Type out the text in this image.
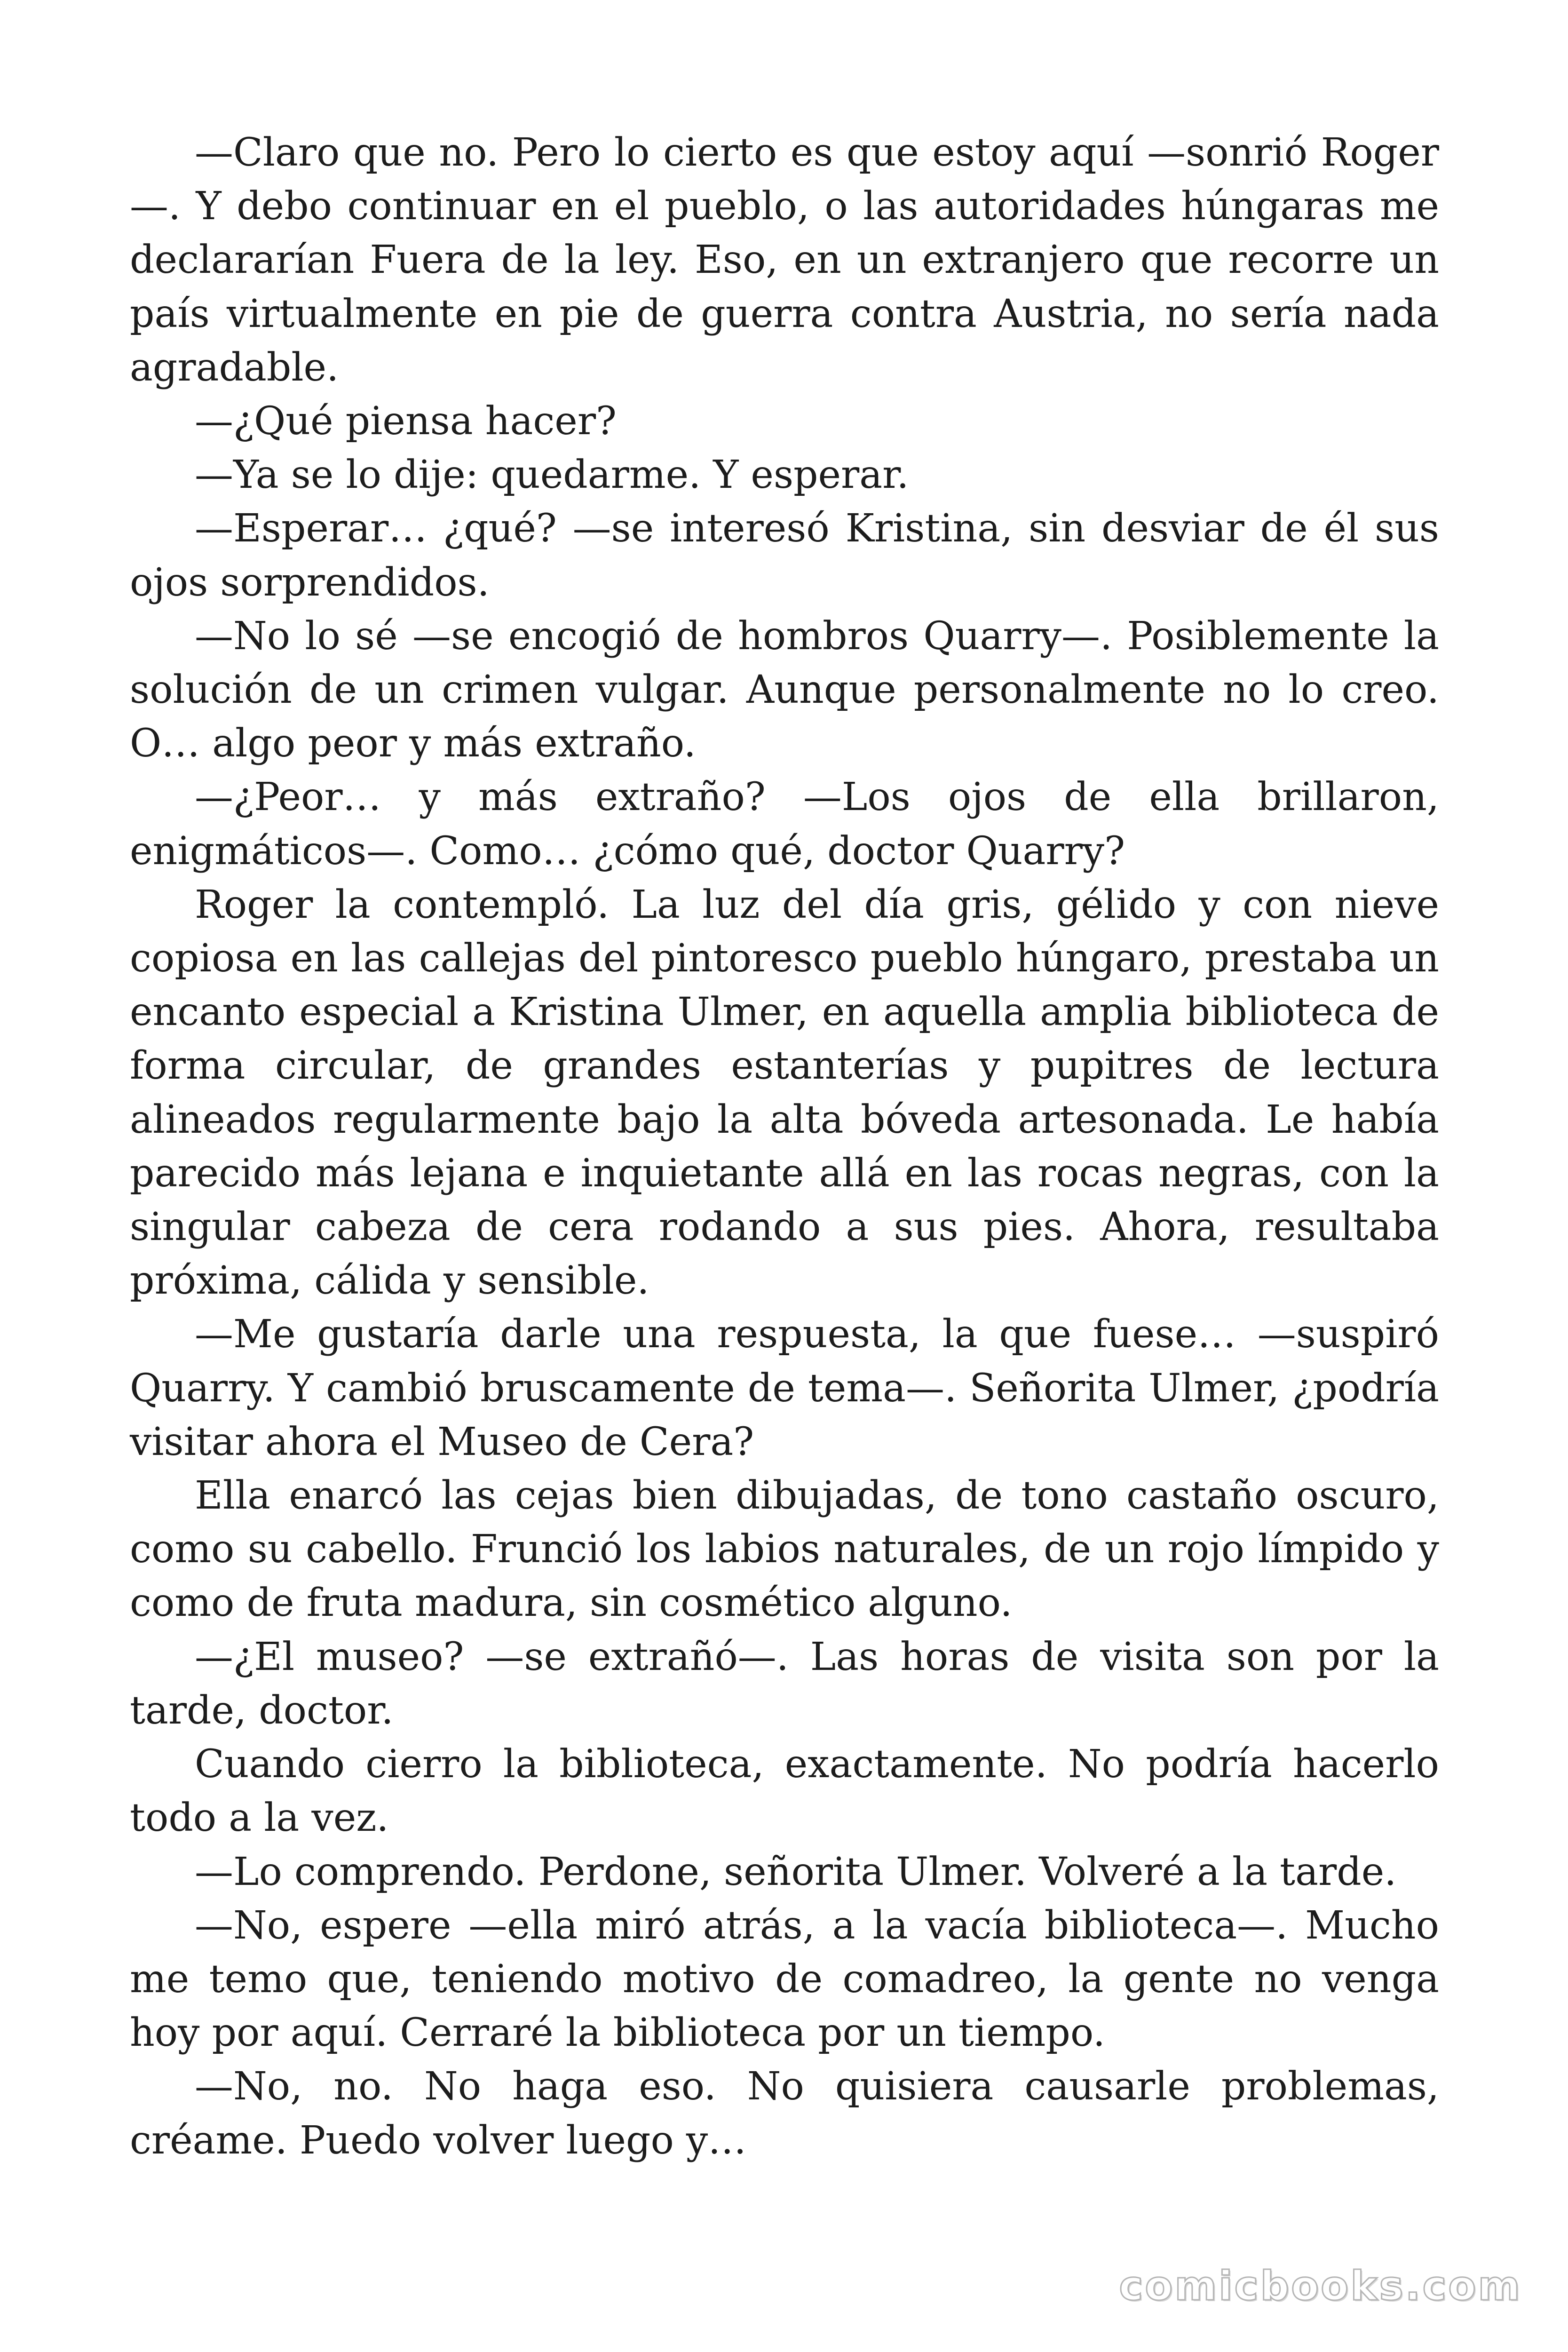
—Claro que no. Pero lo cierto es que estoy aquí —sonrió Roger—. Y debo continuar en el pueblo, o las autoridades húngaras me declararían Fuera de la ley. Eso, en un extranjero que recorre un país virtualmente en pie de guerra contra Austria, no sería nada agradable.

—¿Qué piensa hacer?

—Ya se lo dije: quedarme. Y esperar.

—Esperar… ¿qué? —se interesó Kristina, sin desviar de él sus ojos sorprendidos.

—No lo sé —se encogió de hombros Quarry—. Posiblemente la solución de un crimen vulgar. Aunque personalmente no lo creo. O… algo peor y más extraño.

—¿Peor… y más extraño? —Los ojos de ella brillaron, enigmáticos—. Como… ¿cómo qué, doctor Quarry?

Roger la contempló. La luz del día gris, gélido y con nieve copiosa en las callejas del pintoresco pueblo húngaro, prestaba un encanto especial a Kristina Ulmer, en aquella amplia biblioteca de forma circular, de grandes estanterías y pupitres de lectura alineados regularmente bajo la alta bóveda artesonada. Le había parecido más lejana e inquietante allá en las rocas negras, con la singular cabeza de cera rodando a sus pies. Ahora, resultaba próxima, cálida y sensible.

—Me gustaría darle una respuesta, la que fuese… —suspiró Quarry. Y cambió bruscamente de tema—. Señorita Ulmer, ¿podría visitar ahora el Museo de Cera?

Ella enarcó las cejas bien dibujadas, de tono castaño oscuro, como su cabello. Frunció los labios naturales, de un rojo límpido y como de fruta madura, sin cosmético alguno.

—¿El museo? —se extrañó—. Las horas de visita son por la tarde, doctor.

Cuando cierro la biblioteca, exactamente. No podría hacerlo todo a la vez.

—Lo comprendo. Perdone, señorita Ulmer. Volveré a la tarde.

—No, espere —ella miró atrás, a la vacía biblioteca—. Mucho me temo que, teniendo motivo de comadreo, la gente no venga hoy por aquí. Cerraré la biblioteca por un tiempo.

—No, no. No haga eso. No quisiera causarle problemas, créame. Puedo volver luego y…

comicbooks.com
